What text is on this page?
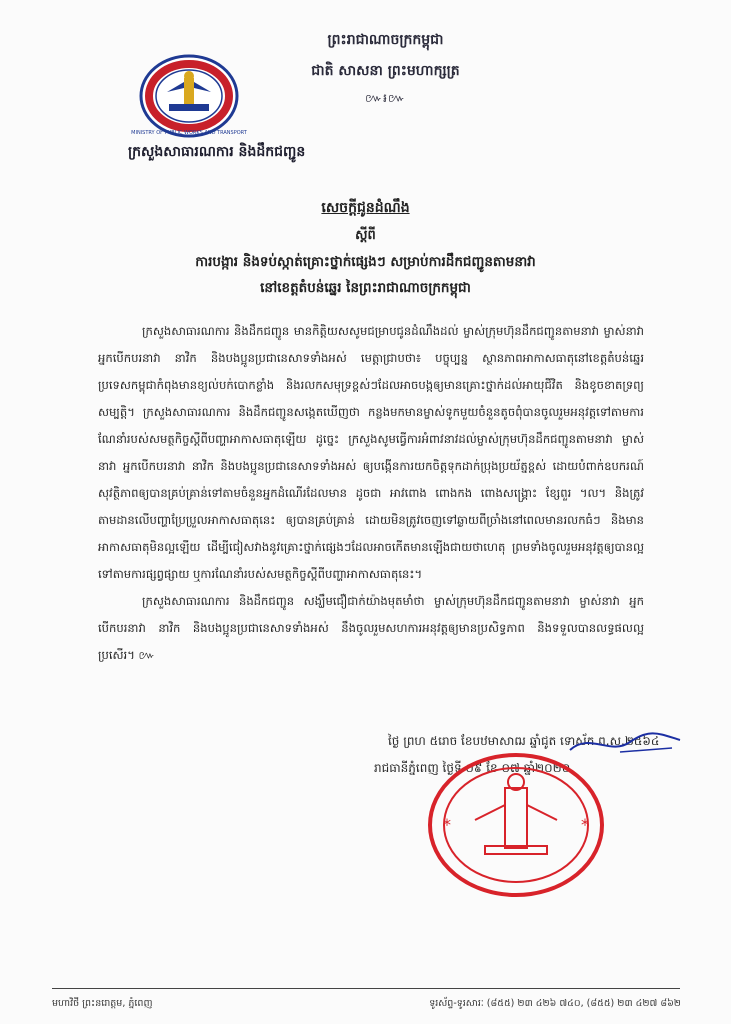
MINISTRY OF PUBLIC WORKS AND TRANSPORT
ក្រសួងសាធារណការ និងដឹកជញ្ជូន
ព្រះរាជាណាចក្រកម្ពុជា
ជាតិ សាសនា ព្រះមហាក្សត្រ
៚៛៚
សេចក្តីជូនដំណឹង
ស្តីពី
ការបង្ការ និងទប់ស្កាត់គ្រោះថ្នាក់ផ្សេងៗ សម្រាប់ការដឹកជញ្ជូនតាមនាវា
នៅខេត្តតំបន់ឆ្នេរ នៃព្រះរាជាណាចក្រកម្ពុជា

ក្រសួងសាធារណការ និងដឹកជញ្ជូន មានកិត្តិយសសូមជម្រាបជូនដំណឹងដល់ ម្ចាស់ក្រុមហ៊ុនដឹកជញ្ជូនតាមនាវា ម្ចាស់នាវា អ្នកបើកបរនាវា នាវិក និងបងប្អូនប្រជានេសាទទាំងអស់ មេត្តាជ្រាបថា៖ បច្ចុប្បន្ន ស្ថានភាពអាកាសធាតុនៅខេត្តតំបន់ឆ្នេរប្រទេសកម្ពុជាកំពុងមានខ្យល់បក់បោកខ្លាំង និងរលកសមុទ្រខ្ពស់ៗដែលអាចបង្កឲ្យមានគ្រោះថ្នាក់ដល់អាយុជីវិត និងខូចខាតទ្រព្យសម្បត្តិ។ ក្រសួងសាធារណការ និងដឹកជញ្ជូនសង្កេតឃើញថា កន្លងមកមានម្ចាស់ទូកមួយចំនួនតូចពុំបានចូលរួមអនុវត្តទៅតាមការណែនាំរបស់សមត្ថកិច្ចស្តីពីបញ្ហាអាកាសធាតុឡើយ ដូច្នេះ ក្រសួងសូមធ្វើការអំពាវនាវដល់ម្ចាស់ក្រុមហ៊ុនដឹកជញ្ជូនតាមនាវា ម្ចាស់នាវា អ្នកបើកបរនាវា នាវិក និងបងប្អូនប្រជានេសាទទាំងអស់ ឲ្យបង្កើនការយកចិត្តទុកដាក់ប្រុងប្រយ័ត្នខ្ពស់ ដោយបំពាក់ឧបករណ៍សុវត្ថិភាពឲ្យបានគ្រប់គ្រាន់ទៅតាមចំនួនអ្នកដំណើរដែលមាន ដូចជា អាវពោង ពោងកង ពោងសង្គ្រោះ ខ្សែពួរ ។ល។ និងត្រូវតាមដានលើបញ្ហាប្រែប្រួលអាកាសធាតុនេះ ឲ្យបានគ្រប់គ្រាន់ ដោយមិនត្រូវចេញទៅឆ្ងាយពីច្រាំងនៅពេលមានរលកធំៗ និងមានអាកាសធាតុមិនល្អឡើយ ដើម្បីជៀសវាងនូវគ្រោះថ្នាក់ផ្សេងៗដែលអាចកើតមានឡើងជាយថាហេតុ ព្រមទាំងចូលរួមអនុវត្តឲ្យបានល្អទៅតាមការផ្សព្វផ្សាយ ឬការណែនាំរបស់សមត្ថកិច្ចស្តីពីបញ្ហាអាកាសធាតុនេះ។

ក្រសួងសាធារណការ និងដឹកជញ្ជូន សង្ឃឹមជឿជាក់យ៉ាងមុតមាំថា ម្ចាស់ក្រុមហ៊ុនដឹកជញ្ជូនតាមនាវា ម្ចាស់នាវា អ្នកបើកបរនាវា នាវិក និងបងប្អូនប្រជានេសាទទាំងអស់ នឹងចូលរួមសហការអនុវត្តឲ្យមានប្រសិទ្ធភាព និងទទួលបានលទ្ធផលល្អប្រសើរ។ ៚

ថ្ងៃ ព្រហ ៥រោច ខែបឋមាសាឍ ឆ្នាំជូត ទោស័ក ព.ស.២៥៦៤
រាជធានីភ្នំពេញ ថ្ងៃទី ០៩ ខែ ០៧ ឆ្នាំ២០២០
*	*
មហាវិថី ព្រះនរោត្តម, ភ្នំពេញ	ទូរស័ព្ទ-ទូរសារៈ (៨៥៥) ២៣ ៤២៦ ៧៤០, (៨៥៥) ២៣ ៤២៧ ៨៦២
